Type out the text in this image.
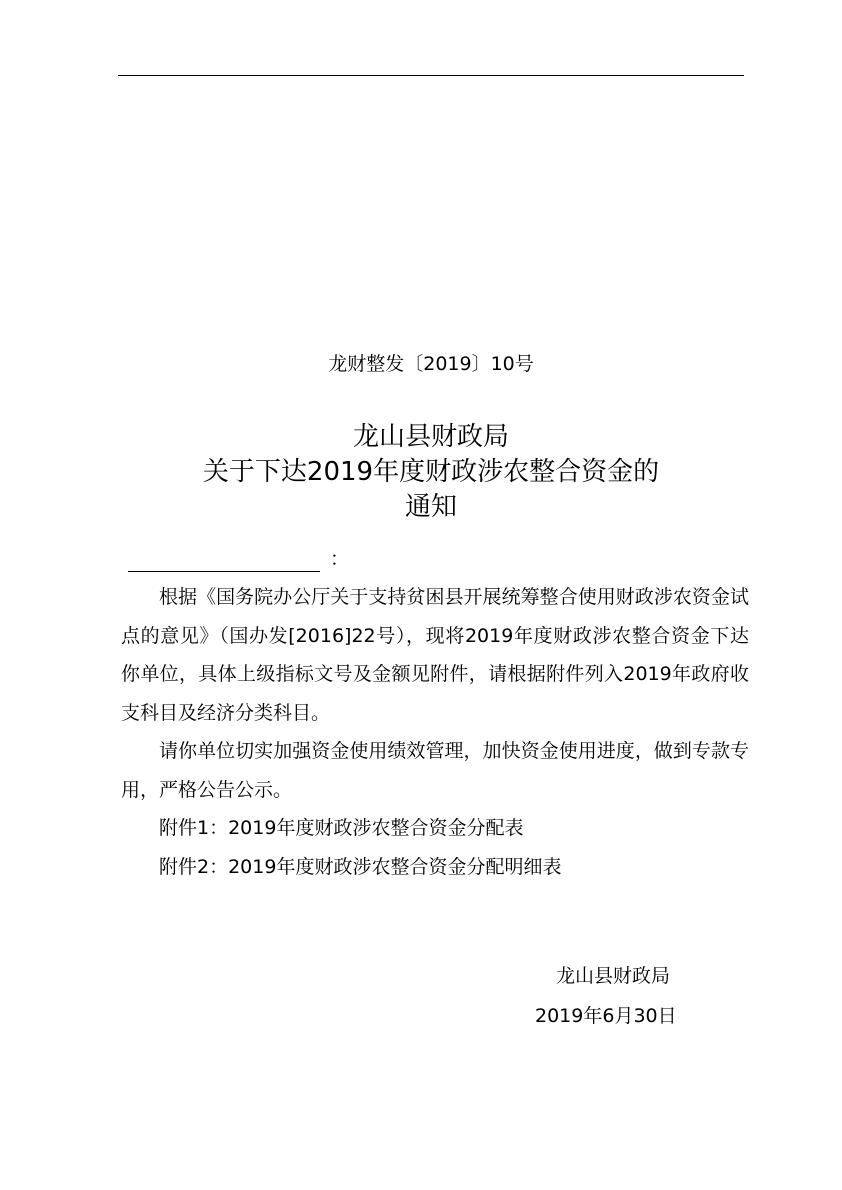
龙财整发〔2019〕10号
龙山县财政局
关于下达2019年度财政涉农整合资金的
通知
：

根据《国务院办公厅关于支持贫困县开展统筹整合使用财政涉农资金试点的意见》（国办发[2016]22号），现将2019年度财政涉农整合资金下达你单位，具体上级指标文号及金额见附件，请根据附件列入2019年政府收支科目及经济分类科目。

请你单位切实加强资金使用绩效管理，加快资金使用进度，做到专款专用，严格公告公示。

附件1：2019年度财政涉农整合资金分配表

附件2：2019年度财政涉农整合资金分配明细表

龙山县财政局
2019年6月30日
